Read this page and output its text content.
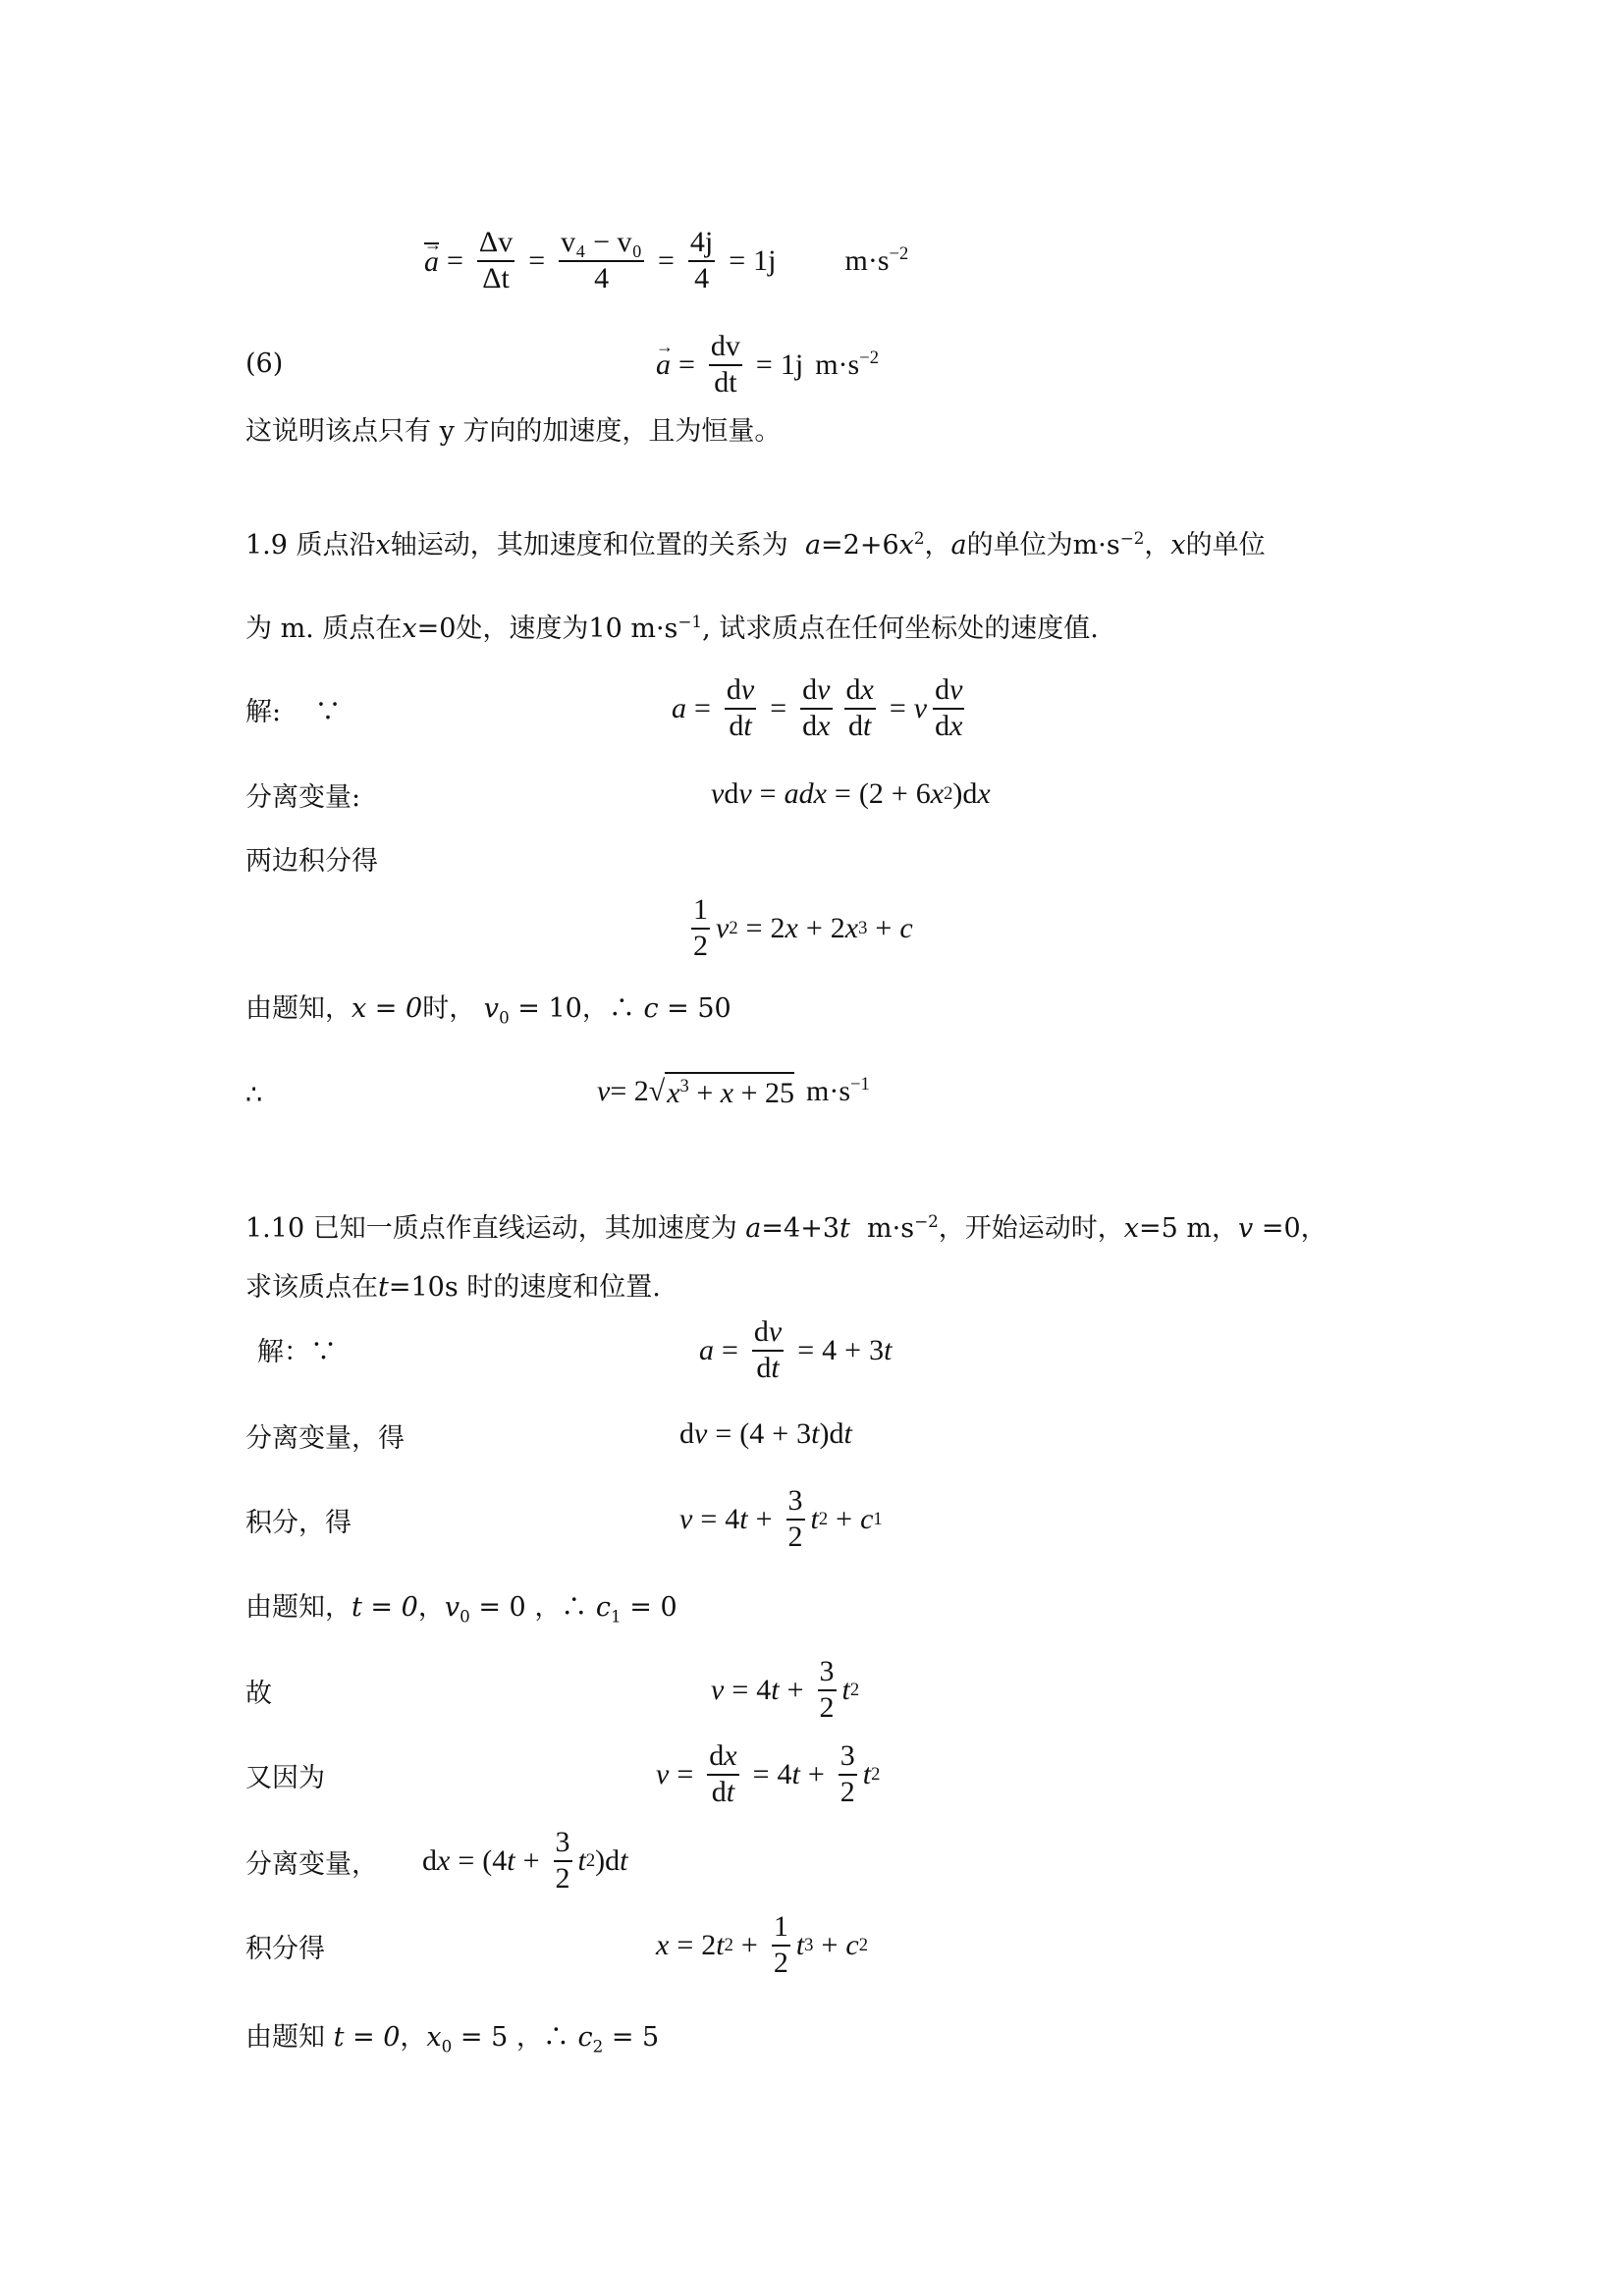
→ $a = \frac{\Delta v}{\Delta t} = \frac{\text{v₄ − v₀}}{4} = \frac{4j}{4} = 1j$ $m\cdot s^{-2}$
(6)
→	$a = \frac{dv}{dt} = 1j$ $m\cdot s^{-2}$
这说明该点只有 y 方向的加速度，且为恒量。
1.9 质点沿x轴运动，其加速度和位置的关系为 $a=2+6x^2$，a的单位为$m\cdot s^{-2}$，x的单位
为 m. 质点在x=0处，速度为10 $m\cdot s^{-1}$, 试求质点在任何坐标处的速度值.
解: ∵	$a = \frac{dv}{dt} = \frac{dv}{dx} \frac{dx}{dt} = v \frac{dv}{dx}$
分离变量:	v d v = adx = (2 + 6 x 2 )d x
两边积分得
$\frac{1}{2}$ v 2 = 2 x + 2 x 3 + c
由题知，x = 0时， $v_0 = 10$，∴ c = 50
∴	v = 2 √ $x^3 + x + 25$ $m\cdot s^{-1}$
1.10 已知一质点作直线运动，其加速度为 a=4+3t $m\cdot s^{-2}$，开始运动时，x=5 m，v =0，
求该质点在t=10s 时的速度和位置.
解：∵	$a = \frac{dv}{dt} = 4 + 3$ t
分离变量，得	d v = (4 + 3 t )d t
积分，得	v = 4 $t + \frac{3}{2}$ t 2 + c 1
由题知，t = 0，$v_0 = 0$ ，∴ $c_1 = 0$
故	v = 4 $t + \frac{3}{2}$ t 2
又因为	$v = \frac{dx}{dt} = 4$ $t + \frac{3}{2}$ t 2
分离变量， d x = (4 $t + \frac{3}{2}$ t 2 )d t
积分得	x = 2 t $2 + \frac{1}{2}$ t 3 + c 2
由题知 t = 0，$x_0 = 5$ ，∴ $c_2 = 5$
